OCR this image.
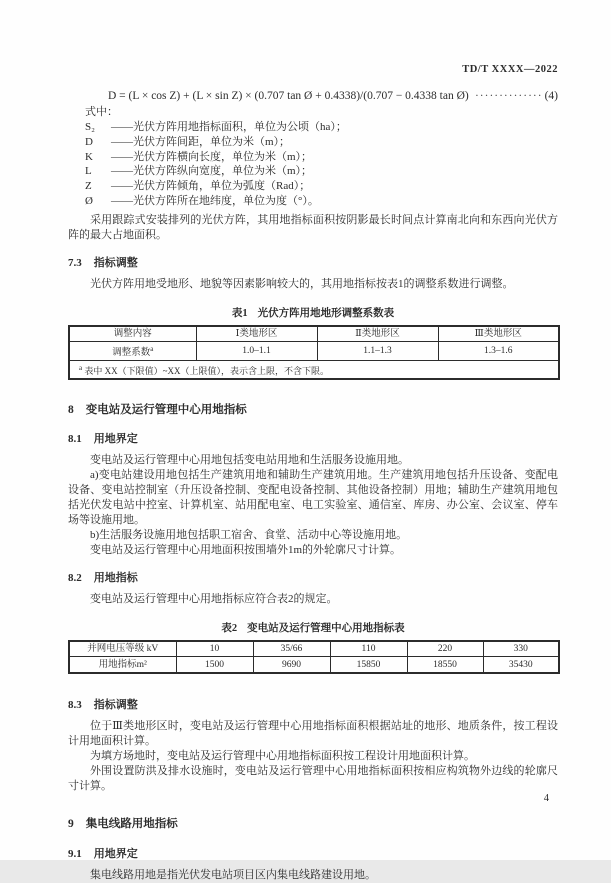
TD/T XXXX—2022
D = (L × cos Z) + (L × sin Z) × (0.707 tan Ø + 0.4338)/(0.707 − 0.4338 tan Ø) ·············· (4)
式中：
S₂	——光伏方阵用地指标面积，单位为公顷（ha）；
D	——光伏方阵间距，单位为米（m）；
K	——光伏方阵横向长度，单位为米（m）；
L	——光伏方阵纵向宽度，单位为米（m）；
Z	——光伏方阵倾角，单位为弧度（Rad）；
Ø	——光伏方阵所在地纬度，单位为度（°）。

采用跟踪式安装排列的光伏方阵，其用地指标面积按阴影最长时间点计算南北向和东西向光伏方阵的最大占地面积。

7.3 指标调整

光伏方阵用地受地形、地貌等因素影响较大的，其用地指标按表1的调整系数进行调整。

表1 光伏方阵用地地形调整系数表
调整内容	Ⅰ类地形区	Ⅱ类地形区	Ⅲ类地形区
调整系数$^a$	1.0–1.1	1.1–1.3	1.3–1.6
$^a$ 表中 XX（下限值）~XX（上限值），表示含上限，不含下限。			
8 变电站及运行管理中心用地指标
8.1 用地界定

变电站及运行管理中心用地包括变电站用地和生活服务设施用地。

a)变电站建设用地包括生产建筑用地和辅助生产建筑用地。生产建筑用地包括升压设备、变配电设备、变电站控制室（升压设备控制、变配电设备控制、其他设备控制）用地；辅助生产建筑用地包括光伏发电站中控室、计算机室、站用配电室、电工实验室、通信室、库房、办公室、会议室、停车场等设施用地。

b)生活服务设施用地包括职工宿舍、食堂、活动中心等设施用地。

变电站及运行管理中心用地面积按围墙外1m的外轮廓尺寸计算。

8.2 用地指标

变电站及运行管理中心用地指标应符合表2的规定。

表2 变电站及运行管理中心用地指标表
并网电压等级 kV	10	35/66	110	220	330
用地指标m²	1500	9690	15850	18550	35430
8.3 指标调整

位于Ⅲ类地形区时，变电站及运行管理中心用地指标面积根据站址的地形、地质条件，按工程设计用地面积计算。

为填方场地时，变电站及运行管理中心用地指标面积按工程设计用地面积计算。

外围设置防洪及排水设施时，变电站及运行管理中心用地指标面积按相应构筑物外边线的轮廓尺寸计算。

9 集电线路用地指标
9.1 用地界定

集电线路用地是指光伏发电站项目区内集电线路建设用地。

4
